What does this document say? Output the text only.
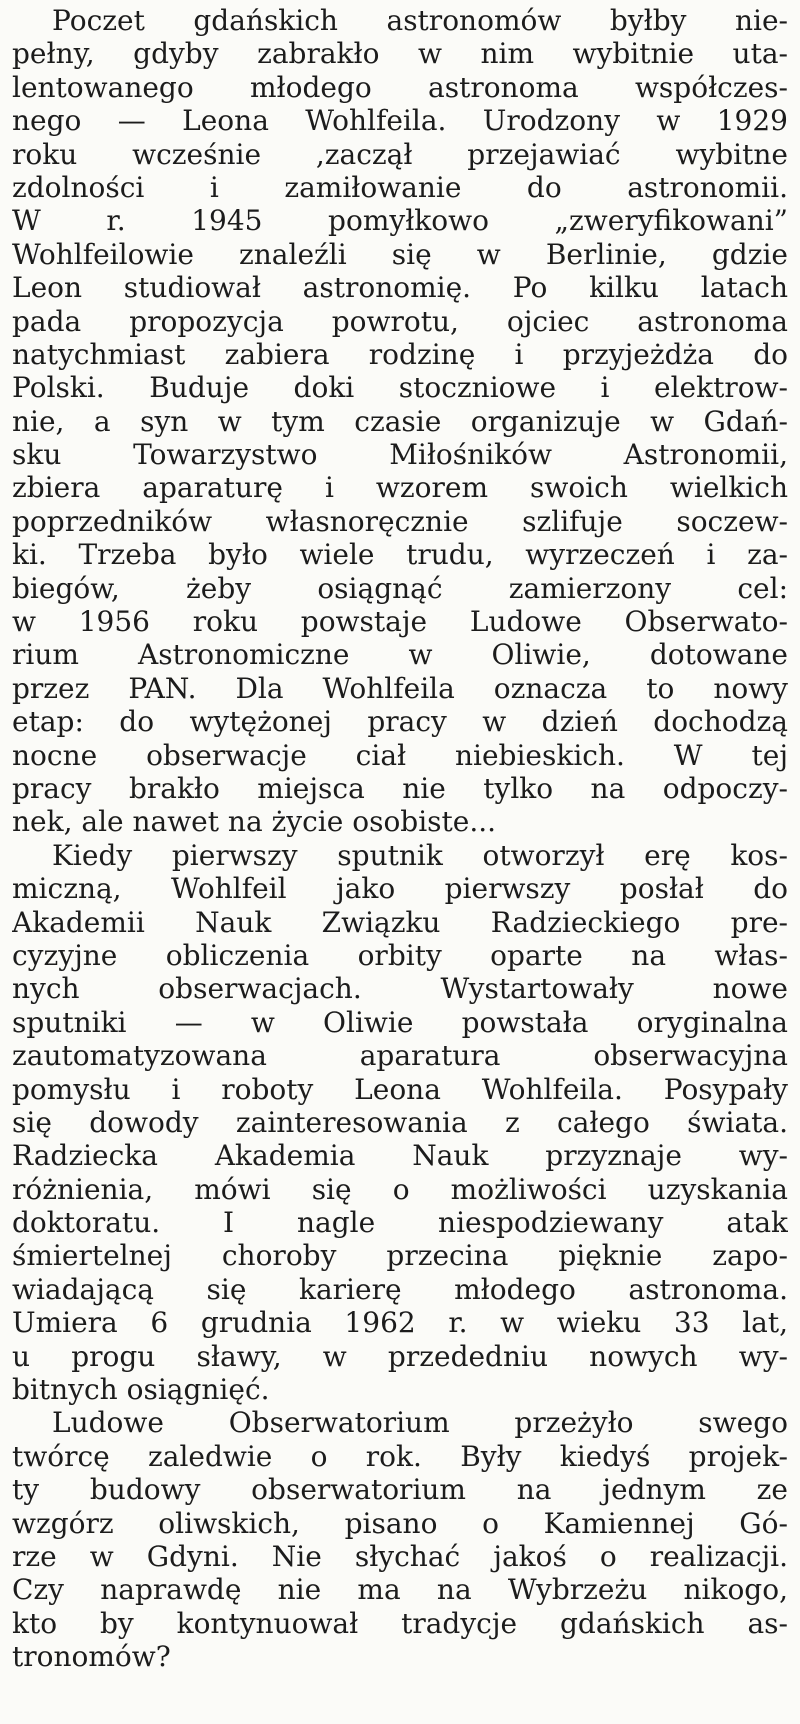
Poczet gdańskich astronomów byłby nie-
pełny, gdyby zabrakło w nim wybitnie uta-
lentowanego młodego astronoma współczes-
nego — Leona Wohlfeila. Urodzony w 1929
roku wcześnie ,zaczął przejawiać wybitne
zdolności i zamiłowanie do astronomii.
W r. 1945 pomyłkowo „zweryfikowani”
Wohlfeilowie znaleźli się w Berlinie, gdzie
Leon studiował astronomię. Po kilku latach
pada propozycja powrotu, ojciec astronoma
natychmiast zabiera rodzinę i przyjeżdża do
Polski. Buduje doki stoczniowe i elektrow-
nie, a syn w tym czasie organizuje w Gdań-
sku Towarzystwo Miłośników Astronomii,
zbiera aparaturę i wzorem swoich wielkich
poprzedników własnoręcznie szlifuje soczew-
ki. Trzeba było wiele trudu, wyrzeczeń i za-
biegów, żeby osiągnąć zamierzony cel:
w 1956 roku powstaje Ludowe Obserwato-
rium Astronomiczne w Oliwie, dotowane
przez PAN. Dla Wohlfeila oznacza to nowy
etap: do wytężonej pracy w dzień dochodzą
nocne obserwacje ciał niebieskich. W tej
pracy brakło miejsca nie tylko na odpoczy-
nek, ale nawet na życie osobiste...
Kiedy pierwszy sputnik otworzył erę kos-
miczną, Wohlfeil jako pierwszy posłał do
Akademii Nauk Związku Radzieckiego pre-
cyzyjne obliczenia orbity oparte na włas-
nych obserwacjach. Wystartowały nowe
sputniki — w Oliwie powstała oryginalna
zautomatyzowana aparatura obserwacyjna
pomysłu i roboty Leona Wohlfeila. Posypały
się dowody zainteresowania z całego świata.
Radziecka Akademia Nauk przyznaje wy-
różnienia, mówi się o możliwości uzyskania
doktoratu. I nagle niespodziewany atak
śmiertelnej choroby przecina pięknie zapo-
wiadającą się karierę młodego astronoma.
Umiera 6 grudnia 1962 r. w wieku 33 lat,
u progu sławy, w przededniu nowych wy-
bitnych osiągnięć.
Ludowe Obserwatorium przeżyło swego
twórcę zaledwie o rok. Były kiedyś projek-
ty budowy obserwatorium na jednym ze
wzgórz oliwskich, pisano o Kamiennej Gó-
rze w Gdyni. Nie słychać jakoś o realizacji.
Czy naprawdę nie ma na Wybrzeżu nikogo,
kto by kontynuował tradycje gdańskich as-
tronomów?
